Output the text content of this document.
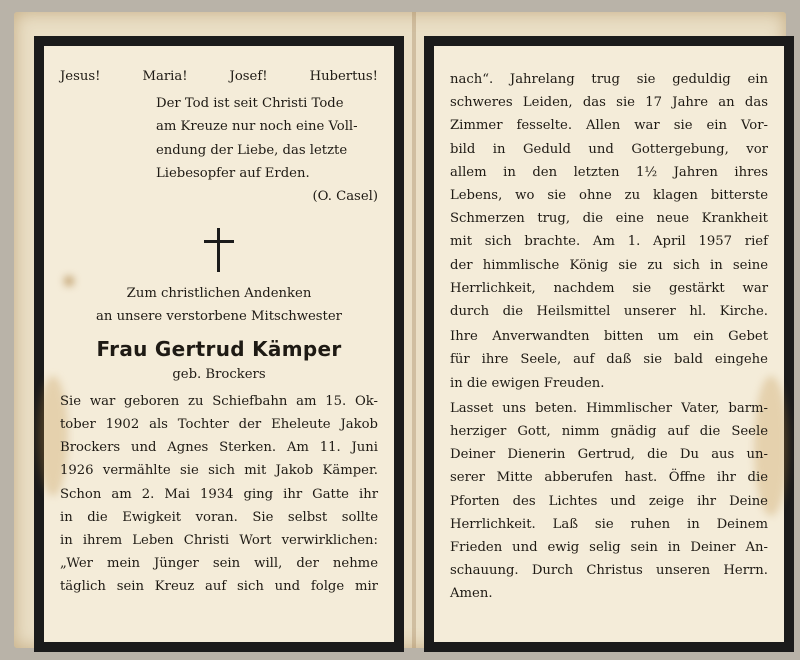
Jesus!	Maria!	Josef!	Hubertus!
Der Tod ist seit Christi Tode
am Kreuze nur noch eine Voll-
endung der Liebe, das letzte
Liebesopfer auf Erden.
(O. Casel)
Zum christlichen Andenken
an unsere verstorbene Mitschwester
Frau Gertrud Kämper
geb. Brockers
Sie war geboren zu Schiefbahn am 15. Ok-
tober 1902 als Tochter der Eheleute Jakob
Brockers und Agnes Sterken. Am 11. Juni
1926 vermählte sie sich mit Jakob Kämper.
Schon am 2. Mai 1934 ging ihr Gatte ihr
in die Ewigkeit voran. Sie selbst sollte
in ihrem Leben Christi Wort verwirklichen:
„Wer mein Jünger sein will, der nehme
täglich sein Kreuz auf sich und folge mir
nach“. Jahrelang trug sie geduldig ein
schweres Leiden, das sie 17 Jahre an das
Zimmer fesselte. Allen war sie ein Vor-
bild in Geduld und Gottergebung, vor
allem in den letzten 1½ Jahren ihres
Lebens, wo sie ohne zu klagen bitterste
Schmerzen trug, die eine neue Krankheit
mit sich brachte. Am 1. April 1957 rief
der himmlische König sie zu sich in seine
Herrlichkeit, nachdem sie gestärkt war
durch die Heilsmittel unserer hl. Kirche.
Ihre Anverwandten bitten um ein Gebet
für ihre Seele, auf daß sie bald eingehe
in die ewigen Freuden.
Lasset uns beten. Himmlischer Vater, barm-
herziger Gott, nimm gnädig auf die Seele
Deiner Dienerin Gertrud, die Du aus un-
serer Mitte abberufen hast. Öffne ihr die
Pforten des Lichtes und zeige ihr Deine
Herrlichkeit. Laß sie ruhen in Deinem
Frieden und ewig selig sein in Deiner An-
schauung. Durch Christus unseren Herrn.
Amen.
